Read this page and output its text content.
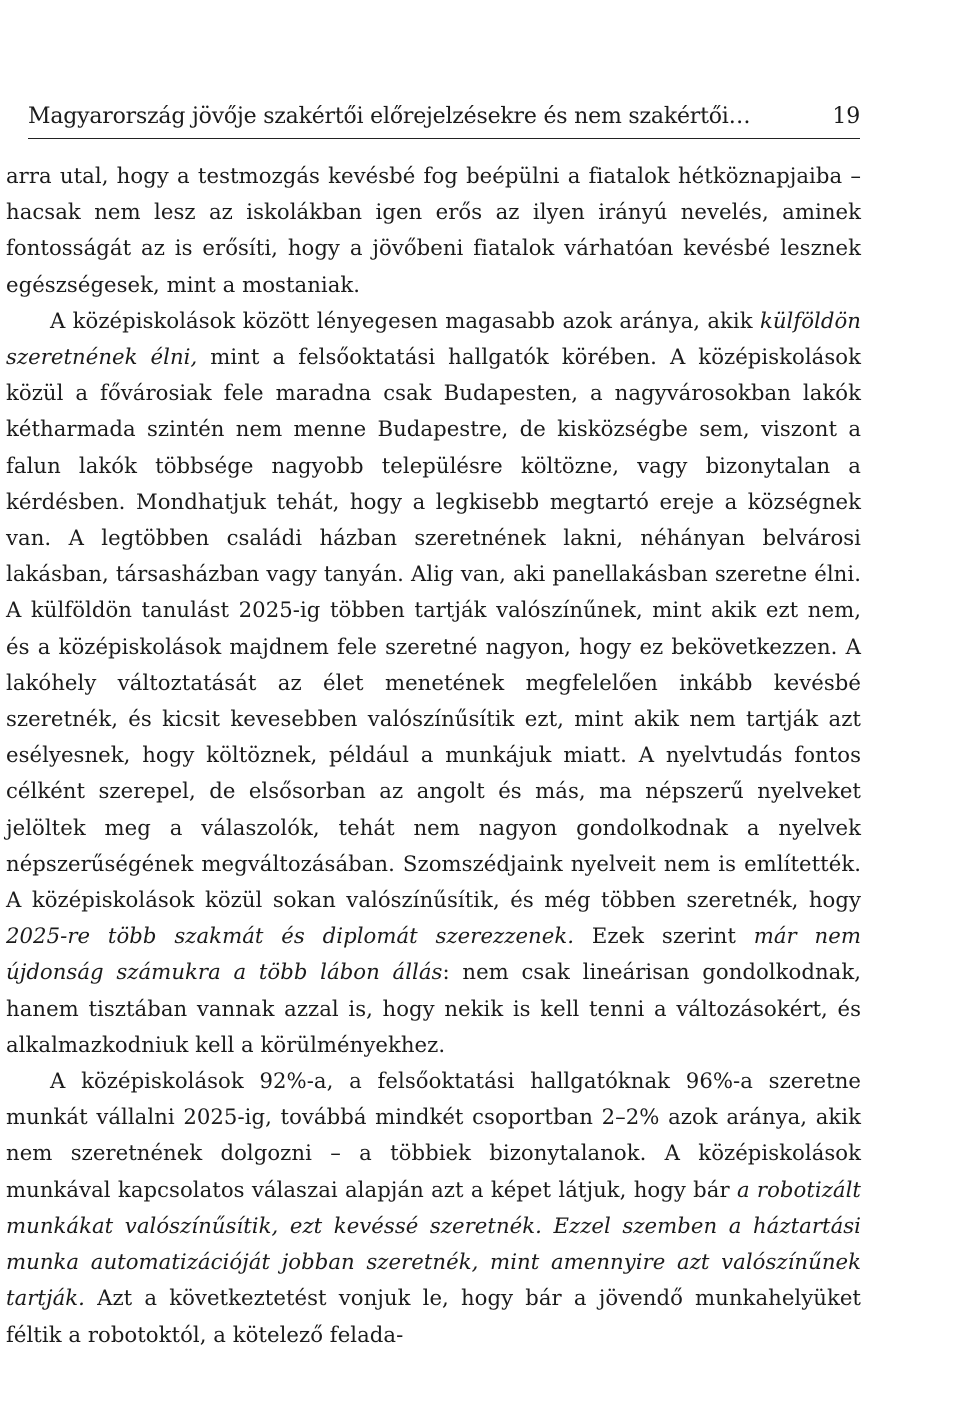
Magyarország jövője szakértői előrejelzésekre és nem szakértői…	19

arra utal, hogy a testmozgás kevésbé fog beépülni a fiatalok hétköznapjaiba – hacsak nem lesz az iskolákban igen erős az ilyen irányú nevelés, aminek fontosságát az is erősíti, hogy a jövőbeni fiatalok várhatóan kevésbé lesznek egészségesek, mint a mostaniak.

A középiskolások között lényegesen magasabb azok aránya, akik külföldön szeretnének élni, mint a felsőoktatási hallgatók körében. A középiskolások közül a fővárosiak fele maradna csak Budapesten, a nagyvárosokban lakók kétharmada szintén nem menne Budapestre, de kisközségbe sem, viszont a falun lakók többsége nagyobb településre költözne, vagy bizonytalan a kérdésben. Mondhatjuk tehát, hogy a legkisebb megtartó ereje a községnek van. A legtöbben családi házban szeretnének lakni, néhányan belvárosi lakásban, társasházban vagy tanyán. Alig van, aki panellakásban szeretne élni. A külföldön tanulást 2025-ig többen tartják valószínűnek, mint akik ezt nem, és a középiskolások majdnem fele szeretné nagyon, hogy ez bekövetkezzen. A lakóhely változtatását az élet menetének megfelelően inkább kevésbé szeretnék, és kicsit kevesebben valószínűsítik ezt, mint akik nem tartják azt esélyesnek, hogy költöznek, például a munkájuk miatt. A nyelvtudás fontos célként szerepel, de elsősorban az angolt és más, ma népszerű nyelveket jelöltek meg a válaszolók, tehát nem nagyon gondolkodnak a nyelvek népszerűségének megváltozásában. Szomszédjaink nyelveit nem is említették. A középiskolások közül sokan valószínűsítik, és még többen szeretnék, hogy 2025-re több szakmát és diplomát szerezzenek. Ezek szerint már nem újdonság számukra a több lábon állás: nem csak lineárisan gondolkodnak, hanem tisztában vannak azzal is, hogy nekik is kell tenni a változásokért, és alkalmazkodniuk kell a körülményekhez.

A középiskolások 92%-a, a felsőoktatási hallgatóknak 96%-a szeretne munkát vállalni 2025-ig, továbbá mindkét csoportban 2–2% azok aránya, akik nem szeretnének dolgozni – a többiek bizonytalanok. A középiskolások munkával kapcsolatos válaszai alapján azt a képet látjuk, hogy bár a robotizált munkákat valószínűsítik, ezt kevéssé szeretnék. Ezzel szemben a háztartási munka automatizációját jobban szeretnék, mint amennyire azt valószínűnek tartják. Azt a következtetést vonjuk le, hogy bár a jövendő munkahelyüket féltik a robotoktól, a kötelező felada-
